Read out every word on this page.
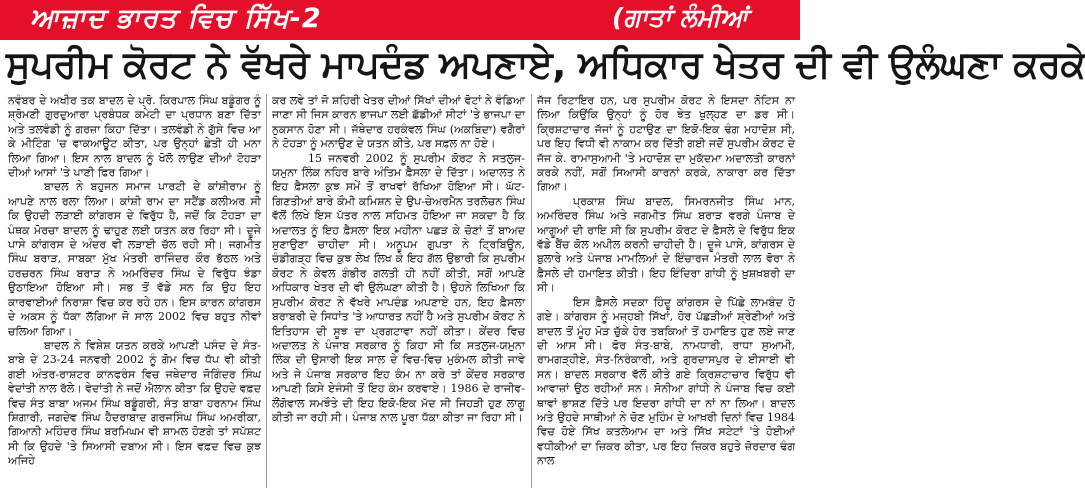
ਆਜ਼ਾਦ ਭਾਰਤ ਵਿਚ ਸਿੱਖ-2	(ਗਾਤਾਂ ਲੰਮੀਆਂ
ਸੁਪਰੀਮ ਕੋਰਟ ਨੇ ਵੱਖਰੇ ਮਾਪਦੰਡ ਅਪਣਾਏ, ਅਧਿਕਾਰ ਖੇਤਰ ਦੀ ਵੀ ਉਲੰਘਣਾ ਕਰਕੇ

ਨਵੰਬਰ ਦੇ ਅਖੀਰ ਤਕ ਬਾਦਲ ਦੇ ਪ੍ਰੋ. ਕਿਰਪਾਲ ਸਿੰਘ ਬਡੂੰਗਰ ਨੂੰ ਸ਼੍ਰੋਮਣੀ ਗੁਰਦੁਆਰਾ ਪ੍ਰਬੰਧਕ ਕਮੇਟੀ ਦਾ ਪ੍ਰਧਾਨ ਬਣਾ ਦਿੱਤਾ ਅਤੇ ਤਲਵੰਡੀ ਨੂੰ ਗਰਜ਼ਾ ਕਿਹਾ ਦਿੱਤਾ। ਤਲਵੰਡੀ ਨੇ ਗੁੱਸੇ ਵਿਚ ਆ ਕੇ ਮੀਟਿੰਗ 'ਚ ਵਾਕਆਊਟ ਕੀਤਾ, ਪਰ ਉਨ੍ਹਾਂ ਛੇਤੀ ਹੀ ਮਨਾ ਲਿਆ ਗਿਆ। ਇਸ ਨਾਲ ਬਾਦਲ ਨੂੰ ਖੋਲੋ ਲਾਉਣ ਦੀਆਂ ਟੋਹੜਾ ਦੀਆਂ ਆਸਾਂ 'ਤੇ ਪਾਣੀ ਫਿਰ ਗਿਆ।

ਬਾਦਲ ਨੇ ਬਹੁਜਨ ਸਮਾਜ ਪਾਰਟੀ ਦੇ ਕਾਂਸ਼ੀਰਾਮ ਨੂੰ ਆਪਣੇ ਨਾਲ ਰਲਾ ਲਿਆ। ਕਾਂਸ਼ੀ ਰਾਮ ਦਾ ਸਟੈਂਡ ਕਲੀਅਰ ਸੀ ਕਿ ਉਹਦੀ ਲੜਾਈ ਕਾਂਗਰਸ ਦੇ ਵਿਰੁੱਧ ਹੈ, ਜਦੋਂ ਕਿ ਟੋਹੜਾ ਦਾ ਪੰਥਕ ਮੋਰਚਾ ਬਾਦਲ ਨੂੰ ਢਾਹੁਣ ਲਈ ਯਤਨ ਕਰ ਰਿਹਾ ਸੀ। ਦੂਜੇ ਪਾਸੇ ਕਾਂਗਰਸ ਦੇ ਅੰਦਰ ਵੀ ਲੜਾਈ ਚੱਲ ਰਹੀ ਸੀ। ਜਗਮੀਤ ਸਿੰਘ ਬਰਾੜ, ਸਾਬਕਾ ਮੁੱਖ ਮੰਤਰੀ ਰਾਜਿੰਦਰ ਕੌਰ ਭੱਠਲ ਅਤੇ ਹਰਚਰਨ ਸਿੰਘ ਬਰਾੜ ਨੇ ਅਮਰਿੰਦਰ ਸਿੰਘ ਦੇ ਵਿਰੁੱਧ ਝੰਡਾ ਉਠਾਇਆ ਹੋਇਆ ਸੀ। ਸਭ ਤੋਂ ਵੱਡੇ ਸਨ ਕਿ ਉਹ ਇਹ ਕਾਰਵਾਈਆਂ ਨਿਰਾਸ਼ਾ ਵਿਚ ਕਰ ਰਹੇ ਹਨ। ਇਸ ਕਾਰਨ ਕਾਂਗਰਸ ਦੇ ਅਕਸ ਨੂੰ ਧੱਕਾ ਲੱਗਿਆ ਜੋ ਸਾਲ 2002 ਵਿਚ ਬਹੁਤ ਨੀਵਾਂ ਚਲਿਆ ਗਿਆ।

ਬਾਦਲ ਨੇ ਵਿਸ਼ੇਸ਼ ਯਤਨ ਕਰਕੇ ਆਪਣੀ ਪਸੰਦ ਦੇ ਸੰਤ-ਬਾਬੇ ਦੇ 23-24 ਜਨਵਰੀ 2002 ਨੂੰ ਗੋਮ ਵਿਚ ਧੱਪ ਵੀ ਕੀਤੀ ਗਈ ਅੰਤਰ-ਰਾਸ਼ਟਰ ਕਾਨਫਰੰਸ ਵਿਚ ਜਥੇਦਾਰ ਜੋਗਿੰਦਰ ਸਿੰਘ ਵੇਦਾਂਤੀ ਨਾਲ ਰੱਲੇ। ਵੇਦਾਂਤੀ ਨੇ ਜਦੋਂ ਐਲਾਨ ਕੀਤਾ ਕਿ ਉਹਦੇ ਵਫ਼ਦ ਵਿਚ ਸੰਤ ਬਾਬਾ ਅਜਮ ਸਿੰਘ ਬਡੂੰਗਰੀ, ਸੰਤ ਬਾਬਾ ਹਰਨਾਮ ਸਿੰਘ ਸ਼ਿਗਾਰੀ, ਜਗਦੇਵ ਸਿੰਘ ਹੈਦਰਾਬਾਦ ਗਰਜਸਿੰਘ ਸਿੰਘ ਅਮਰੀਕਾ, ਗਿਆਨੀ ਮਹਿੰਦਰ ਸਿੰਘ ਬਰਮਿਘਮ ਵੀ ਸ਼ਾਮਲ ਹੋਣਗੇ ਤਾਂ ਸਪੱਸ਼ਟ ਸੀ ਕਿ ਉਹਦੇ 'ਤੇ ਸਿਆਸੀ ਦਬਾਅ ਸੀ। ਇਸ ਵਫ਼ਦ ਵਿਚ ਕੁਝ ਅਜਿਹੇ

ਕਰ ਲਵੇ ਤਾਂ ਜੋ ਸ਼ਹਿਰੀ ਖੇਤਰ ਦੀਆਂ ਸਿੱਖਾਂ ਦੀਆਂ ਵੋਟਾਂ ਨੇ ਵੰਡਿਆ ਜਾਣਾ ਸੀ ਜਿਸ ਕਾਰਨ ਭਾਜਪਾ ਲਈ ਛੱਡੀਆਂ ਸੀਟਾਂ 'ਤੇ ਭਾਜਪਾ ਦਾ ਨੁਕਸਾਨ ਹੋਣਾ ਸੀ। ਜੱਥੇਦਾਰ ਹਰਕੰਵਲ ਸਿੰਘ (ਅਕਬਿਦਾ) ਵਗੈਰਾਂ ਨੇ ਟੋਹੜਾ ਨੂੰ ਮਨਾਉਣ ਦੇ ਯਤਨ ਕੀਤੇ, ਪਰ ਸਫ਼ਲ ਨਾ ਹੋਏ।

15 ਜਨਵਰੀ 2002 ਨੂੰ ਸੁਪਰੀਮ ਕੋਰਟ ਨੇ ਸਤਲੁਜ-ਯਮੁਨਾ ਲਿੰਕ ਨਹਿਰ ਬਾਰੇ ਅੰਤਿਮ ਫ਼ੈਸਲਾ ਦੇ ਦਿੱਤਾ। ਅਦਾਲਤ ਨੇ ਇਹ ਫ਼ੈਸਲਾ ਕੁਝ ਸਮੇਂ ਤੋਂ ਰਾਖਵਾਂ ਰੱਖਿਆ ਹੋਇਆ ਸੀ। ਘੱਟ-ਗਿਣਤੀਆਂ ਬਾਰੇ ਕੌਮੀ ਕਮਿਸ਼ਨ ਦੇ ਉਪ-ਚੇਅਰਮੈਨ ਤਰਲੋਚਨ ਸਿੰਘ ਵੱਲੋਂ ਲਿਖੇ ਇਸ ਪੱਤਰ ਨਾਲ ਸਹਿਮਤ ਹੋਇਆ ਜਾ ਸਕਦਾ ਹੈ ਕਿ ਅਦਾਲਤ ਨੂੰ ਇਹ ਫ਼ੈਸਲਾ ਇਕ ਮਹੀਨਾ ਪਛੜ ਕੇ ਚੋਣਾਂ ਤੋਂ ਬਾਅਦ ਸੁਣਾਉਣਾ ਚਾਹੀਦਾ ਸੀ। ਅਨੂਪਮ ਗੁਪਤਾ ਨੇ ਟ੍ਰਿਬਿਊਨ, ਚੰਡੀਗੜ੍ਹ ਵਿਚ ਕੁਝ ਲੇਖ ਲਿਖ ਕੇ ਇਹ ਗੱਲ ਉਭਾਰੀ ਕਿ ਸੁਪਰੀਮ ਕੋਰਟ ਨੇ ਕੇਵਲ ਗੰਭੀਰ ਗਲਤੀ ਹੀ ਨਹੀਂ ਕੀਤੀ, ਸਗੋਂ ਆਪਣੇ ਅਧਿਕਾਰ ਖੇਤਰ ਦੀ ਵੀ ਉਲੰਘਣਾ ਕੀਤੀ ਹੈ। ਉਹਨੇ ਲਿਖਿਆ ਕਿ ਸੁਪਰੀਮ ਕੋਰਟ ਨੇ ਵੱਖਰੇ ਮਾਪਦੰਡ ਅਪਣਾਏ ਹਨ, ਇਹ ਫ਼ੈਸਲਾ ਬਰਾਬਰੀ ਦੇ ਸਿਧਾਂਤ 'ਤੇ ਆਧਾਰਤ ਨਹੀਂ ਹੈ ਅਤੇ ਸੁਪਰੀਮ ਕੋਰਟ ਨੇ ਇਤਿਹਾਸ ਦੀ ਸੂਝ ਦਾ ਪ੍ਰਗਟਾਵਾ ਨਹੀਂ ਕੀਤਾ। ਕੇਂਦਰ ਵਿਚ ਅਦਾਲਤ ਨੇ ਪੰਜਾਬ ਸਰਕਾਰ ਨੂੰ ਕਿਹਾ ਸੀ ਕਿ ਸਤਲੁਜ-ਯਮੁਨਾ ਲਿੰਕ ਦੀ ਉਸਾਰੀ ਇਕ ਸਾਲ ਦੇ ਵਿਚ-ਵਿਚ ਮੁਕੰਮਲ ਕੀਤੀ ਜਾਵੇ ਅਤੇ ਜੇ ਪੰਜਾਬ ਸਰਕਾਰ ਇਹ ਕੰਮ ਨਾ ਕਰੇ ਤਾਂ ਕੇਂਦਰ ਸਰਕਾਰ ਆਪਣੀ ਕਿਸੇ ਏਜੰਸੀ ਤੋਂ ਇਹ ਕੰਮ ਕਰਵਾਏ। 1986 ਦੇ ਰਾਜੀਵ-ਲੌਂਗੋਵਾਲ ਸਮਝੌਤੇ ਦੀ ਇਹ ਇਕੋ-ਇਕ ਮੱਦ ਸੀ ਜਿਹੜੀ ਹੁਣ ਲਾਗੂ ਕੀਤੀ ਜਾ ਰਹੀ ਸੀ। ਪੰਜਾਬ ਨਾਲ ਪੂਰਾ ਧੱਕਾ ਕੀਤਾ ਜਾ ਰਿਹਾ ਸੀ।

ਜੱਜ ਰਿਟਾਇਰ ਹਨ, ਪਰ ਸੁਪਰੀਮ ਕੋਰਟ ਨੇ ਇਸਦਾ ਨੋਟਿਸ ਨਾ ਲਿਆ ਕਿਉਂਕਿ ਉਨ੍ਹਾਂ ਨੂੰ ਹੋਰ ਝੇਤ ਖੁਲ੍ਹਣ ਦਾ ਡਰ ਸੀ। ਕ੍ਰਿਸ਼ਟਾਚਾਰ ਜੱਜਾਂ ਨੂੰ ਹਟਾਉਣ ਦਾ ਇਕੋ-ਇਕ ਢੰਗ ਮਹਾਦੋਸ਼ ਸੀ, ਪਰ ਇਹ ਵਿਧੀ ਵੀ ਨਾਕਾਮ ਕਰ ਦਿੱਤੀ ਗਈ ਜਦੋਂ ਸੁਪਰੀਮ ਕੋਰਟ ਦੇ ਜੱਜ ਕੇ. ਰਾਮਾਸੁਆਮੀ 'ਤੇ ਮਹਾਦੋਸ਼ ਦਾ ਮੁਕੱਦਮਾ ਅਦਾਲਤੀ ਕਾਰਨਾਂ ਕਰਕੇ ਨਹੀਂ, ਸਗੋਂ ਸਿਆਸੀ ਕਾਰਨਾਂ ਕਰਕੇ, ਨਾਕਾਰਾ ਕਰ ਦਿੱਤਾ ਗਿਆ।

ਪ੍ਰਕਾਸ਼ ਸਿੰਘ ਬਾਦਲ, ਸਿਮਰਨਜੀਤ ਸਿੰਘ ਮਾਨ, ਅਮਰਿੰਦਰ ਸਿੰਘ ਅਤੇ ਜਗਮੀਤ ਸਿੰਘ ਬਰਾੜ ਵਰਗੇ ਪੰਜਾਬ ਦੇ ਆਗੂਆਂ ਦੀ ਰਾਇ ਸੀ ਕਿ ਸੁਪਰੀਮ ਕੋਰਟ ਦੇ ਫ਼ੈਸਲੇ ਦੇ ਵਿਰੁੱਧ ਇਕ ਵੱਡੇ ਬੈਂਚ ਕੋਲ ਅਪੀਲ ਕਰਨੀ ਚਾਹੀਦੀ ਹੈ। ਦੂਜੇ ਪਾਸੇ, ਕਾਂਗਰਸ ਦੇ ਬੁਲਾਰੇ ਅਤੇ ਪੰਜਾਬ ਮਾਮਲਿਆਂ ਦੇ ਇੰਚਾਰਜ ਮੰਤਰੀ ਲਾਲ ਵੋਰਾ ਨੇ ਫ਼ੈਸਲੇ ਦੀ ਹਮਾਇਤ ਕੀਤੀ। ਇਹ ਇੰਦਿਰਾ ਗਾਂਧੀ ਨੂੰ ਖ਼ੁਸ਼ਖ਼ਬਰੀ ਦਾ ਸੀ।

ਇਸ ਫ਼ੈਸਲੇ ਸਦਕਾ ਹਿੰਦੂ ਕਾਂਗਰਸ ਦੇ ਪਿੱਛੇ ਲਾਮਬੰਦ ਹੋ ਗਏ। ਕਾਂਗਰਸ ਨੂੰ ਮਜ਼੍ਹਬੀ ਸਿੱਖਾਂ, ਹੋਰ ਪੱਛੜੀਆਂ ਸ਼੍ਰੇਣੀਆਂ ਅਤੇ ਬਾਦਲ ਤੋਂ ਮੂੰਹ ਮੋੜ ਚੁੱਕੇ ਹੋਰ ਤਬਕਿਆਂ ਤੋਂ ਹਮਾਇਤ ਹੁਣ ਲਏ ਜਾਣ ਦੀ ਆਸ ਸੀ। ਫੋਰ ਸੰਤ-ਬਾਬੇ, ਨਾਮਧਾਰੀ, ਰਾਧਾ ਸੁਆਮੀ, ਰਾਮਗੜ੍ਹੀਏ, ਸੰਤ-ਨਿਰੰਕਾਰੀ, ਅਤੇ ਗੁਰਦਾਸਪੁਰ ਦੇ ਈਸਾਈ ਵੀ ਸਨ। ਬਾਦਲ ਸਰਕਾਰ ਵੱਲੋਂ ਕੀਤੇ ਗਏ ਕ੍ਰਿਸ਼ਟਾਚਾਰ ਵਿਰੁੱਧ ਵੀ ਆਵਾਜ਼ਾਂ ਉਠ ਰਹੀਆਂ ਸਨ। ਸੋਨੀਆ ਗਾਂਧੀ ਨੇ ਪੰਜਾਬ ਵਿਚ ਕਈ ਥਾਵਾਂ ਭਾਸ਼ਣ ਦਿੱਤੇ ਪਰ ਇਦਰਾ ਗਾਂਧੀ ਦਾ ਨਾਂ ਨਾ ਲਿਆ। ਬਾਦਲ ਅਤੇ ਉਹਦੇ ਸਾਥੀਆਂ ਨੇ ਚੋਣ ਮੁਹਿੰਮ ਦੇ ਆਖ਼ਰੀ ਦਿਨਾਂ ਵਿਚ 1984 ਵਿਚ ਹੋਏ ਸਿੱਖ ਕਤਲੇਆਮ ਦਾ ਅਤੇ ਸਿੱਖ ਸਟੇਟਾਂ 'ਤੇ ਹੋਈਆਂ ਵਧੀਕੀਆਂ ਦਾ ਜ਼ਿਕਰ ਕੀਤਾ, ਪਰ ਇਹ ਜ਼ਿਕਰ ਬਹੁਤੇ ਜ਼ੋਰਦਾਰ ਢੰਗ ਨਾਲ
